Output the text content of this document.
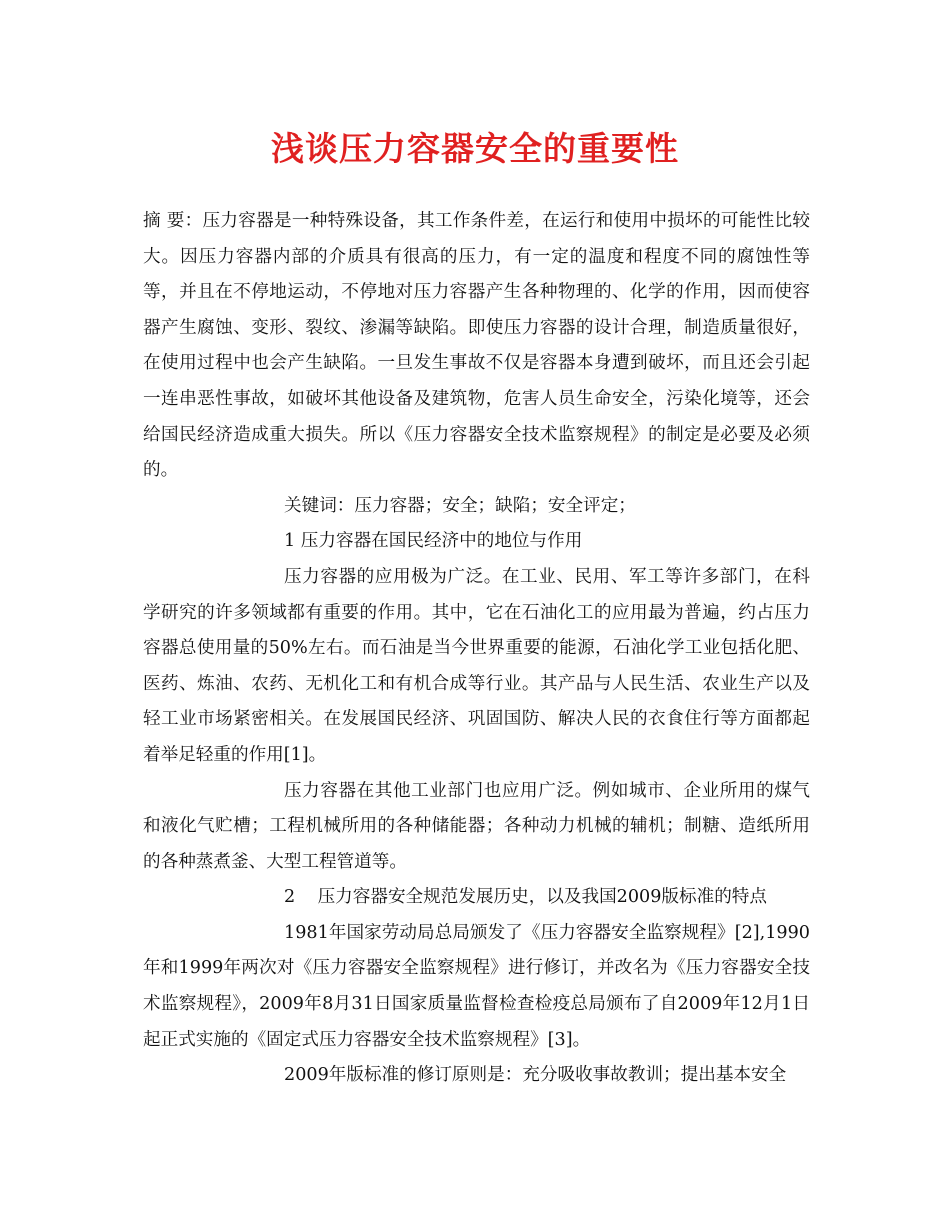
浅谈压力容器安全的重要性

摘 要：压力容器是一种特殊设备，其工作条件差，在运行和使用中损坏的可能性比较大。因压力容器内部的介质具有很高的压力，有一定的温度和程度不同的腐蚀性等等，并且在不停地运动，不停地对压力容器产生各种物理的、化学的作用，因而使容器产生腐蚀、变形、裂纹、渗漏等缺陷。即使压力容器的设计合理，制造质量很好，在使用过程中也会产生缺陷。一旦发生事故不仅是容器本身遭到破坏，而且还会引起一连串恶性事故，如破坏其他设备及建筑物，危害人员生命安全，污染化境等，还会给国民经济造成重大损失。所以《压力容器安全技术监察规程》的制定是必要及必须的。

关键词：压力容器；安全；缺陷；安全评定；

1 压力容器在国民经济中的地位与作用

压力容器的应用极为广泛。在工业、民用、军工等许多部门，在科学研究的许多领域都有重要的作用。其中，它在石油化工的应用最为普遍，约占压力容器总使用量的50%左右。而石油是当今世界重要的能源，石油化学工业包括化肥、医药、炼油、农药、无机化工和有机合成等行业。其产品与人民生活、农业生产以及轻工业市场紧密相关。在发展国民经济、巩固国防、解决人民的衣食住行等方面都起着举足轻重的作用[1]。

压力容器在其他工业部门也应用广泛。例如城市、企业所用的煤气和液化气贮槽；工程机械所用的各种储能器；各种动力机械的辅机；制糖、造纸所用的各种蒸煮釜、大型工程管道等。

2    压力容器安全规范发展历史，以及我国2009版标准的特点

1981年国家劳动局总局颁发了《压力容器安全监察规程》[2],1990年和1999年两次对《压力容器安全监察规程》进行修订，并改名为《压力容器安全技术监察规程》，2009年8月31日国家质量监督检查检疫总局颁布了自2009年12月1日起正式实施的《固定式压力容器安全技术监察规程》[3]。

2009年版标准的修订原则是：充分吸收事故教训；提出基本安全
